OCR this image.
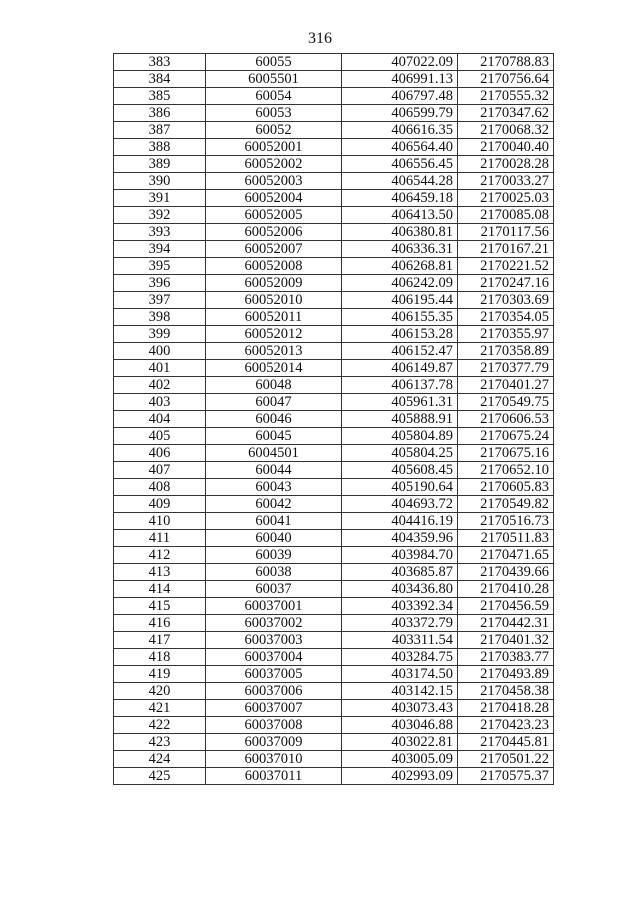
316
383	60055	407022.09	2170788.83
384	6005501	406991.13	2170756.64
385	60054	406797.48	2170555.32
386	60053	406599.79	2170347.62
387	60052	406616.35	2170068.32
388	60052001	406564.40	2170040.40
389	60052002	406556.45	2170028.28
390	60052003	406544.28	2170033.27
391	60052004	406459.18	2170025.03
392	60052005	406413.50	2170085.08
393	60052006	406380.81	2170117.56
394	60052007	406336.31	2170167.21
395	60052008	406268.81	2170221.52
396	60052009	406242.09	2170247.16
397	60052010	406195.44	2170303.69
398	60052011	406155.35	2170354.05
399	60052012	406153.28	2170355.97
400	60052013	406152.47	2170358.89
401	60052014	406149.87	2170377.79
402	60048	406137.78	2170401.27
403	60047	405961.31	2170549.75
404	60046	405888.91	2170606.53
405	60045	405804.89	2170675.24
406	6004501	405804.25	2170675.16
407	60044	405608.45	2170652.10
408	60043	405190.64	2170605.83
409	60042	404693.72	2170549.82
410	60041	404416.19	2170516.73
411	60040	404359.96	2170511.83
412	60039	403984.70	2170471.65
413	60038	403685.87	2170439.66
414	60037	403436.80	2170410.28
415	60037001	403392.34	2170456.59
416	60037002	403372.79	2170442.31
417	60037003	403311.54	2170401.32
418	60037004	403284.75	2170383.77
419	60037005	403174.50	2170493.89
420	60037006	403142.15	2170458.38
421	60037007	403073.43	2170418.28
422	60037008	403046.88	2170423.23
423	60037009	403022.81	2170445.81
424	60037010	403005.09	2170501.22
425	60037011	402993.09	2170575.37
